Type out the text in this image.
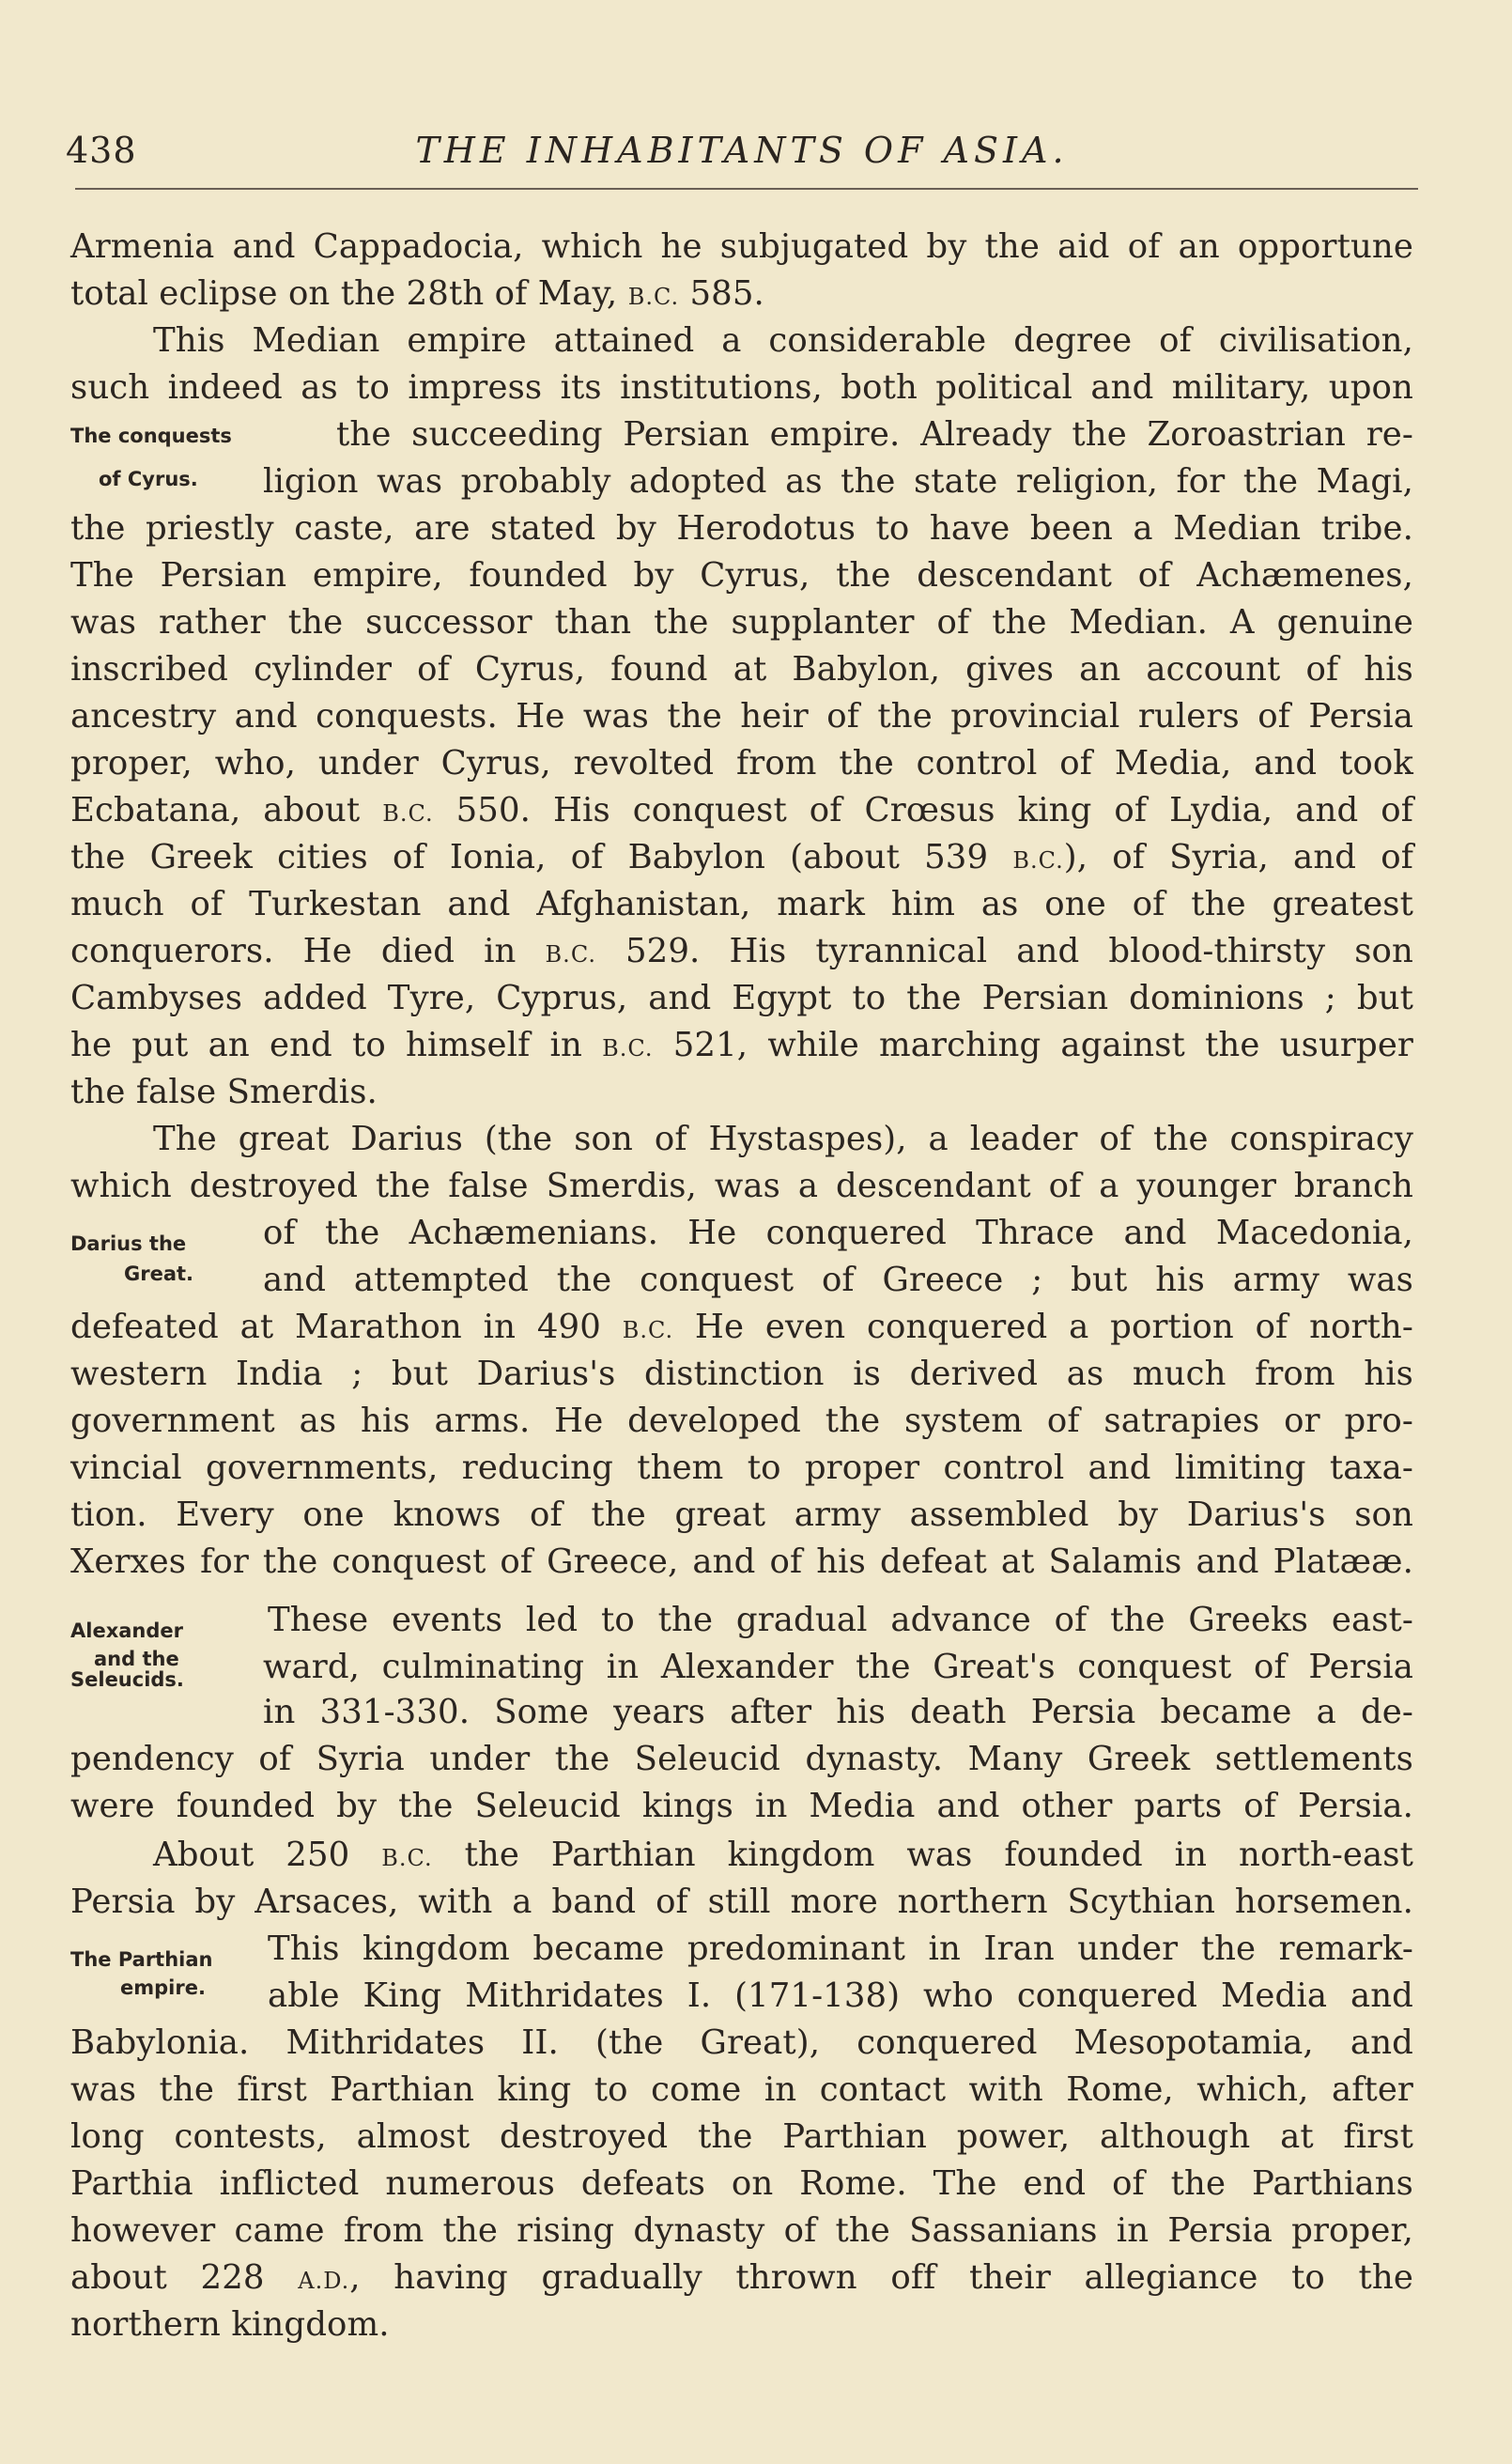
438	THE INHABITANTS OF ASIA.
Armenia and Cappadocia, which he subjugated by the aid of an opportune
total eclipse on the 28th of May, B.C. 585.
This Median empire attained a considerable degree of civilisation,
such indeed as to impress its institutions, both political and military, upon
the succeeding Persian empire. Already the Zoroastrian re-
ligion was probably adopted as the state religion, for the Magi,
the priestly caste, are stated by Herodotus to have been a Median tribe.
The Persian empire, founded by Cyrus, the descendant of Achæmenes,
was rather the successor than the supplanter of the Median. A genuine
inscribed cylinder of Cyrus, found at Babylon, gives an account of his
ancestry and conquests. He was the heir of the provincial rulers of Persia
proper, who, under Cyrus, revolted from the control of Media, and took
Ecbatana, about B.C. 550. His conquest of Crœsus king of Lydia, and of
the Greek cities of Ionia, of Babylon (about 539 B.C.), of Syria, and of
much of Turkestan and Afghanistan, mark him as one of the greatest
conquerors. He died in B.C. 529. His tyrannical and blood-thirsty son
Cambyses added Tyre, Cyprus, and Egypt to the Persian dominions ; but
he put an end to himself in B.C. 521, while marching against the usurper
the false Smerdis.
The great Darius (the son of Hystaspes), a leader of the conspiracy
which destroyed the false Smerdis, was a descendant of a younger branch
of the Achæmenians. He conquered Thrace and Macedonia,
and attempted the conquest of Greece ; but his army was
defeated at Marathon in 490 B.C. He even conquered a portion of north-
western India ; but Darius's distinction is derived as much from his
government as his arms. He developed the system of satrapies or pro-
vincial governments, reducing them to proper control and limiting taxa-
tion. Every one knows of the great army assembled by Darius's son
Xerxes for the conquest of Greece, and of his defeat at Salamis and Platææ.
These events led to the gradual advance of the Greeks east-
ward, culminating in Alexander the Great's conquest of Persia
in 331-330. Some years after his death Persia became a de-
pendency of Syria under the Seleucid dynasty. Many Greek settlements
were founded by the Seleucid kings in Media and other parts of Persia.
About 250 B.C. the Parthian kingdom was founded in north-east
Persia by Arsaces, with a band of still more northern Scythian horsemen.
This kingdom became predominant in Iran under the remark-
able King Mithridates I. (171-138) who conquered Media and
Babylonia. Mithridates II. (the Great), conquered Mesopotamia, and
was the first Parthian king to come in contact with Rome, which, after
long contests, almost destroyed the Parthian power, although at first
Parthia inflicted numerous defeats on Rome. The end of the Parthians
however came from the rising dynasty of the Sassanians in Persia proper,
about 228 A.D., having gradually thrown off their allegiance to the
northern kingdom.
The conquests
of Cyrus.
Darius the
Great.
Alexander
and the
Seleucids.
The Parthian
empire.
